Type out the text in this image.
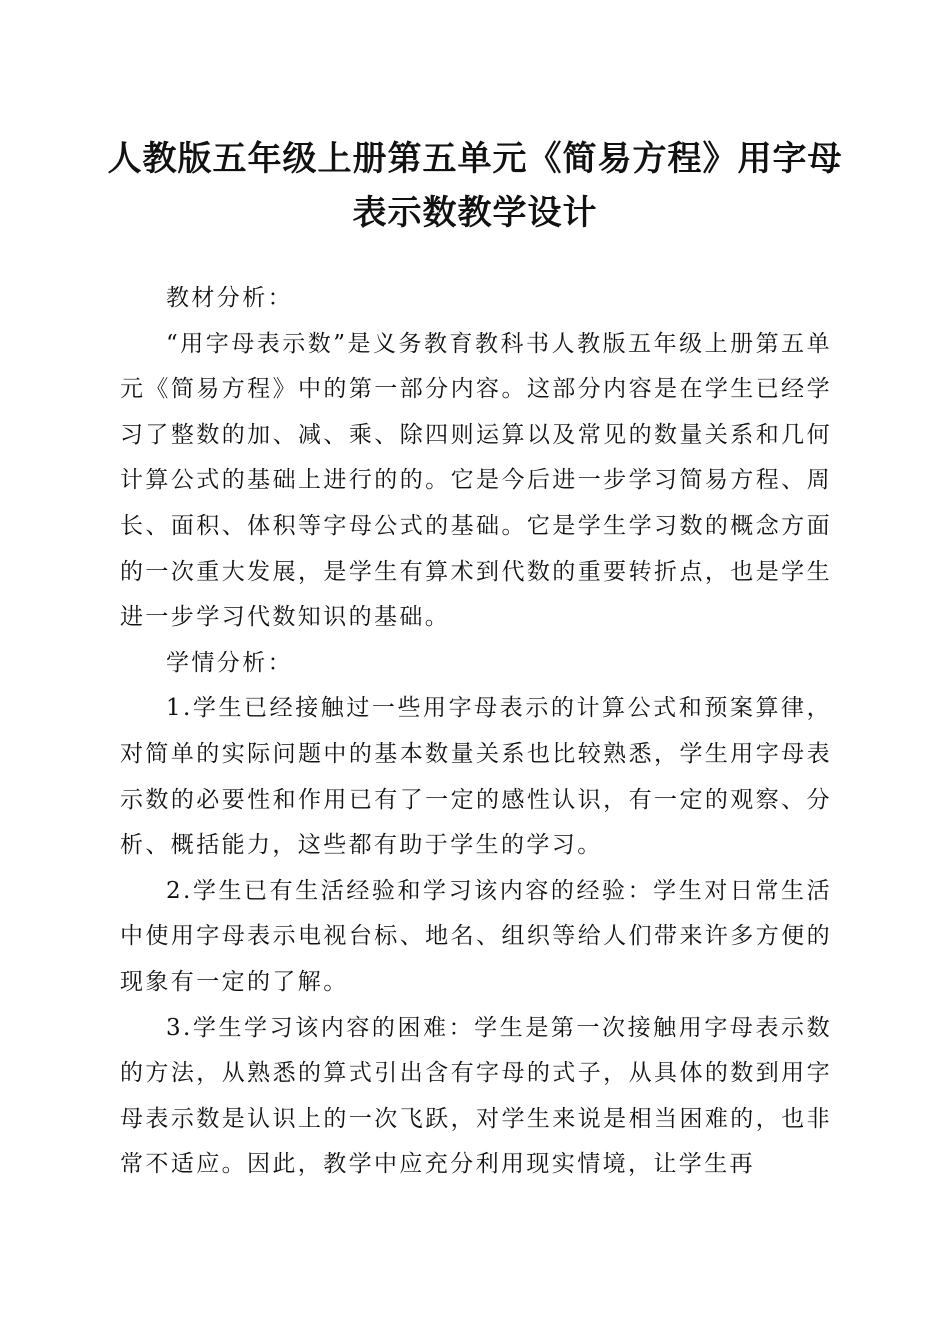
人教版五年级上册第五单元《简易方程》用字母表示数教学设计

教材分析：

“用字母表示数”是义务教育教科书人教版五年级上册第五单元《简易方程》中的第一部分内容。这部分内容是在学生已经学习了整数的加、减、乘、除四则运算以及常见的数量关系和几何计算公式的基础上进行的的。它是今后进一步学习简易方程、周长、面积、体积等字母公式的基础。它是学生学习数的概念方面的一次重大发展，是学生有算术到代数的重要转折点，也是学生进一步学习代数知识的基础。

学情分析：

1.学生已经接触过一些用字母表示的计算公式和预案算律，对简单的实际问题中的基本数量关系也比较熟悉，学生用字母表示数的必要性和作用已有了一定的感性认识，有一定的观察、分析、概括能力，这些都有助于学生的学习。

2.学生已有生活经验和学习该内容的经验：学生对日常生活中使用字母表示电视台标、地名、组织等给人们带来许多方便的现象有一定的了解。

3.学生学习该内容的困难：学生是第一次接触用字母表示数的方法，从熟悉的算式引出含有字母的式子，从具体的数到用字母表示数是认识上的一次飞跃，对学生来说是相当困难的，也非常不适应。因此，教学中应充分利用现实情境，让学生再
